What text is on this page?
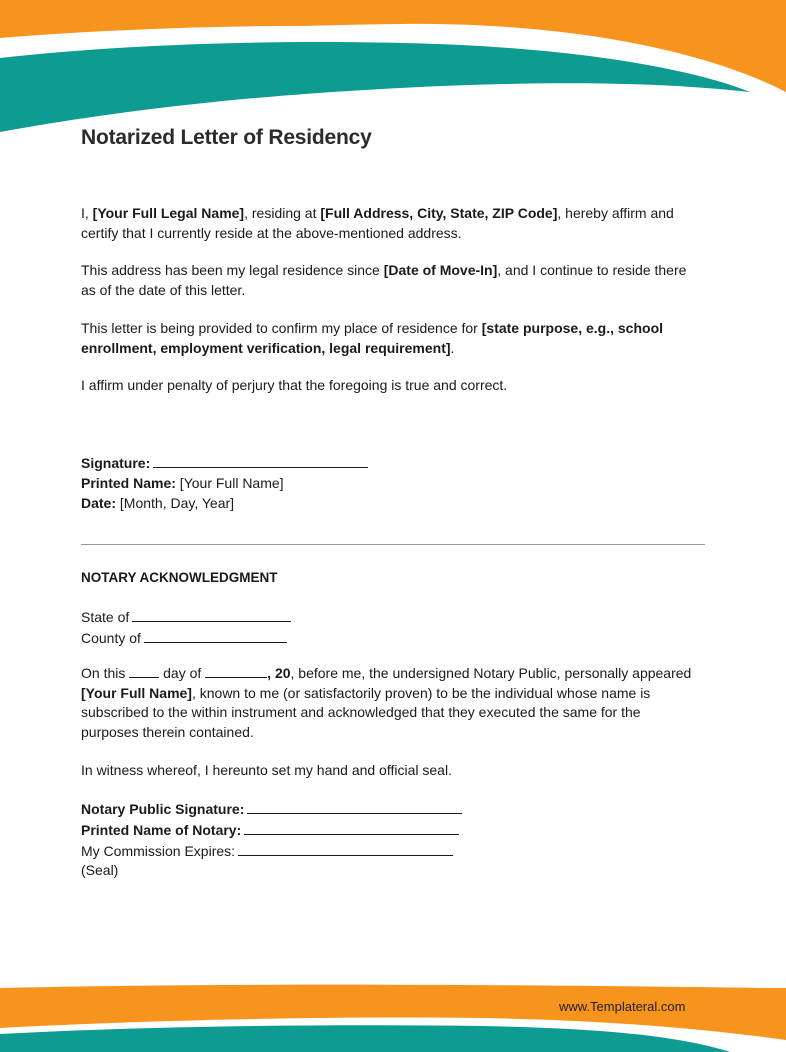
Notarized Letter of Residency

I, [Your Full Legal Name], residing at [Full Address, City, State, ZIP Code], hereby affirm and certify that I currently reside at the above-mentioned address.

This address has been my legal residence since [Date of Move-In], and I continue to reside there as of the date of this letter.

This letter is being provided to confirm my place of residence for [state purpose, e.g., school enrollment, employment verification, legal requirement].

I affirm under penalty of perjury that the foregoing is true and correct.

Signature:
Printed Name: [Your Full Name]
Date: [Month, Day, Year]
NOTARY ACKNOWLEDGMENT
State of
County of

On this  day of	, 20, before me, the undersigned Notary Public, personally appeared [Your Full Name], known to me (or satisfactorily proven) to be the individual whose name is subscribed to the within instrument and acknowledged that they executed the same for the purposes therein contained.

In witness whereof, I hereunto set my hand and official seal.

Notary Public Signature:
Printed Name of Notary:
My Commission Expires:
(Seal)
www.Templateral.com
